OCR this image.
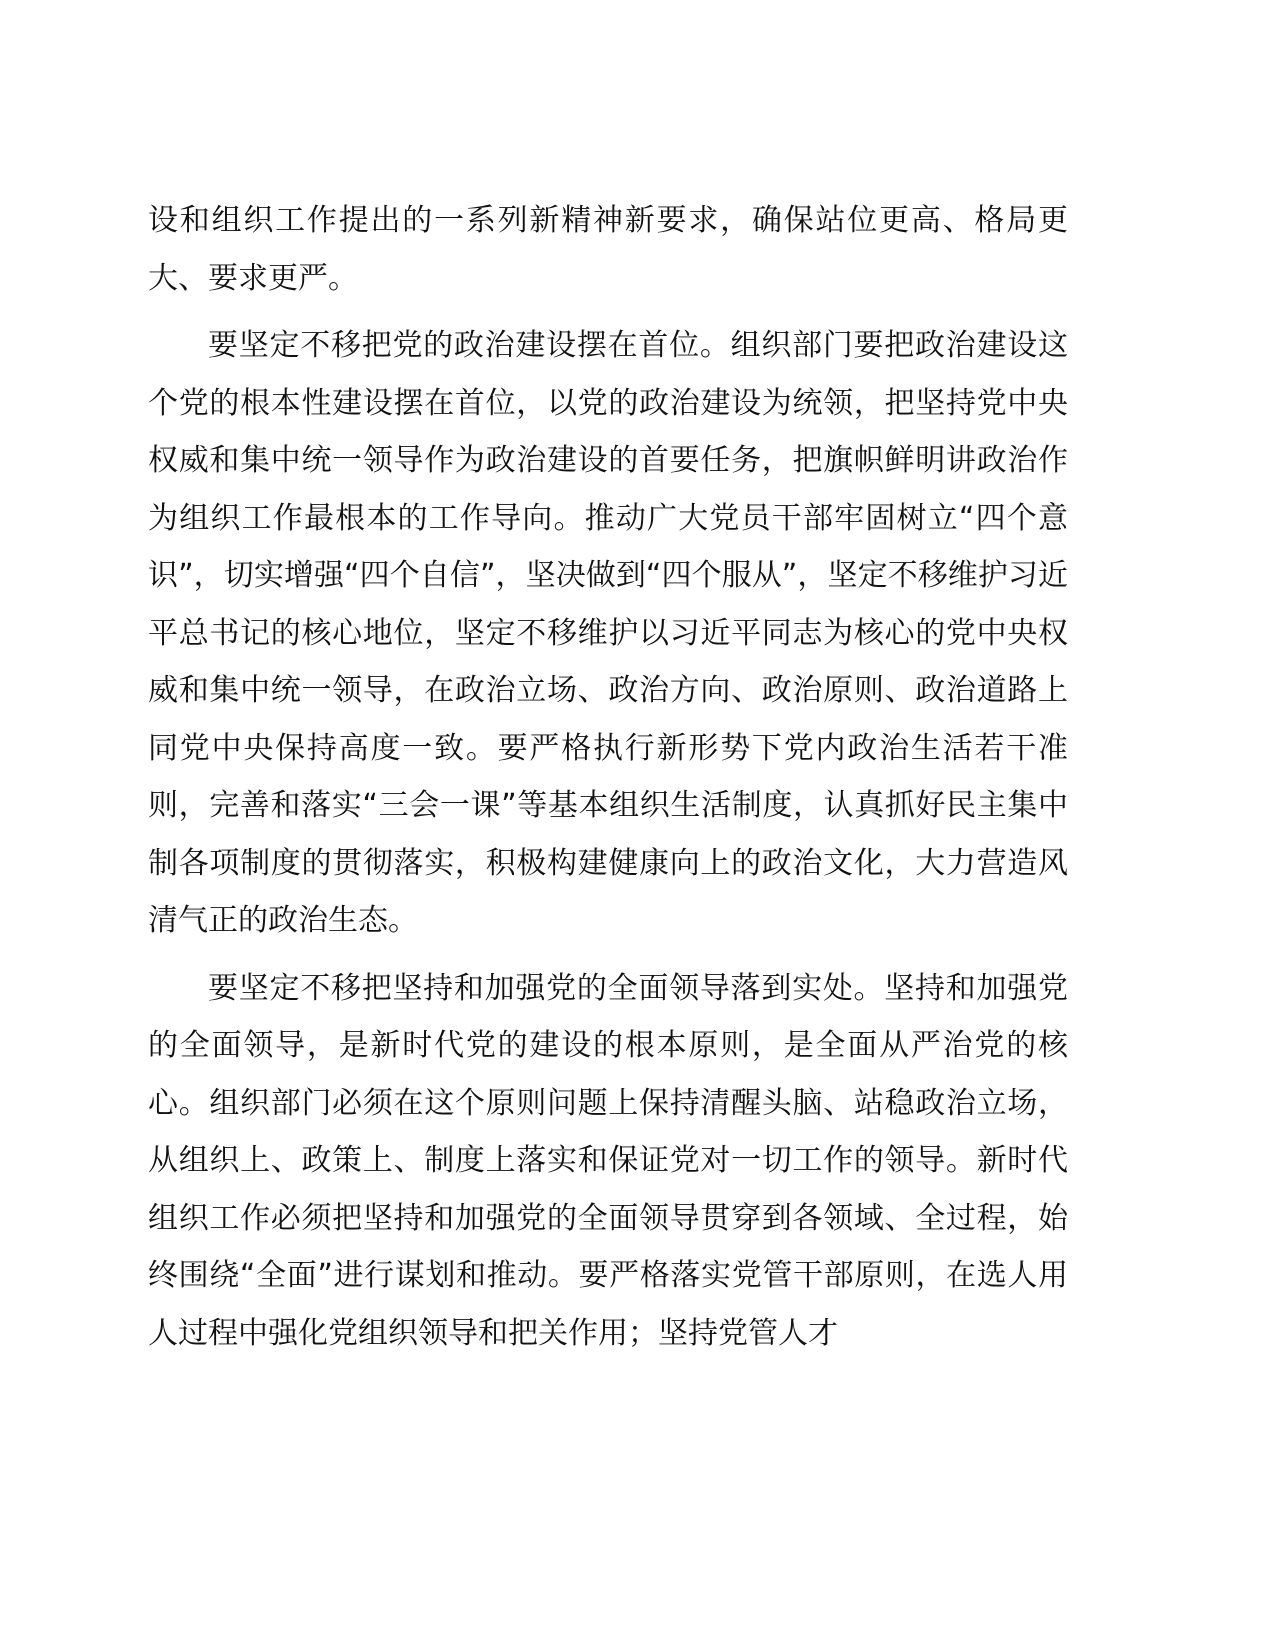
设和组织工作提出的一系列新精神新要求，确保站位更高、格局更大、要求更严。

要坚定不移把党的政治建设摆在首位。组织部门要把政治建设这个党的根本性建设摆在首位，以党的政治建设为统领，把坚持党中央权威和集中统一领导作为政治建设的首要任务，把旗帜鲜明讲政治作为组织工作最根本的工作导向。推动广大党员干部牢固树立“四个意识”，切实增强“四个自信”，坚决做到“四个服从”，坚定不移维护习近平总书记的核心地位，坚定不移维护以习近平同志为核心的党中央权威和集中统一领导，在政治立场、政治方向、政治原则、政治道路上同党中央保持高度一致。要严格执行新形势下党内政治生活若干准则，完善和落实“三会一课”等基本组织生活制度，认真抓好民主集中制各项制度的贯彻落实，积极构建健康向上的政治文化，大力营造风清气正的政治生态。

要坚定不移把坚持和加强党的全面领导落到实处。坚持和加强党的全面领导，是新时代党的建设的根本原则，是全面从严治党的核心。组织部门必须在这个原则问题上保持清醒头脑、站稳政治立场，从组织上、政策上、制度上落实和保证党对一切工作的领导。新时代组织工作必须把坚持和加强党的全面领导贯穿到各领域、全过程，始终围绕“全面”进行谋划和推动。要严格落实党管干部原则，在选人用人过程中强化党组织领导和把关作用；坚持党管人才
